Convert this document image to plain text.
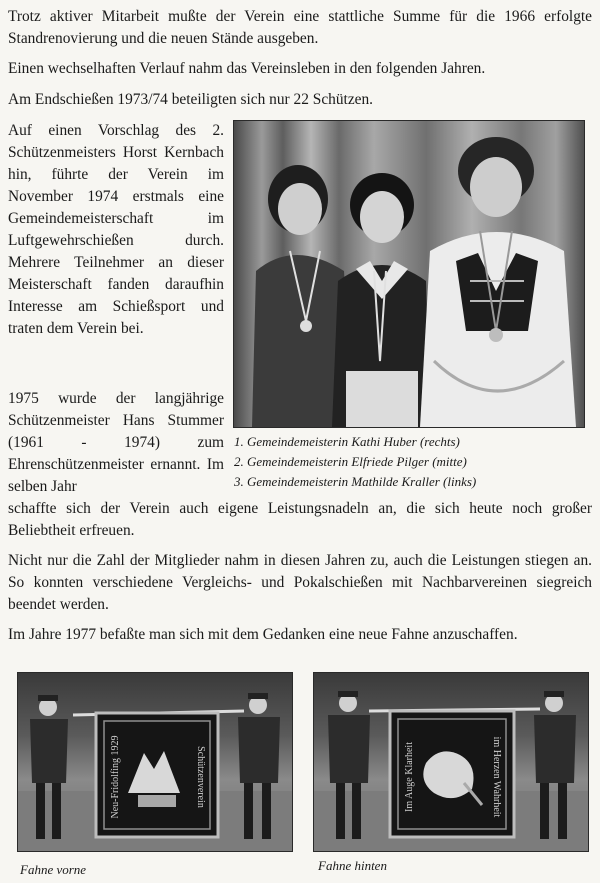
Trotz aktiver Mitarbeit mußte der Verein eine stattliche Summe für die 1966 erfolgte Standrenovierung und die neuen Stände ausgeben.

Einen wechselhaften Verlauf nahm das Vereinsleben in den folgenden Jahren.

Am Endschießen 1973/74 beteiligten sich nur 22 Schützen.

Auf einen Vorschlag des 2. Schützenmeisters Horst Kernbach hin, führte der Verein im November 1974 erstmals eine Gemeindemeisterschaft im Luftgewehrschießen durch. Mehrere Teilnehmer an dieser Meisterschaft fanden daraufhin Interesse am Schießsport und traten dem Verein bei.

1975 wurde der langjährige Schützenmeister Hans Stummer (1961 - 1974) zum Ehrenschützenmeister ernannt. Im selben Jahr

1. Gemeindemeisterin Kathi Huber (rechts)
2. Gemeindemeisterin Elfriede Pilger (mitte)
3. Gemeindemeisterin Mathilde Kraller (links)

schaffte sich der Verein auch eigene Leistungsnadeln an, die sich heute noch großer Beliebtheit erfreuen.

Nicht nur die Zahl der Mitglieder nahm in diesen Jahren zu, auch die Leistungen stiegen an. So konnten verschiedene Vergleichs- und Pokalschießen mit Nachbarvereinen siegreich beendet werden.

Im Jahre 1977 befaßte man sich mit dem Gedanken eine neue Fahne anzuschaffen.

Neu-Fridolfing 1929	Schützenverein	Im Auge Klarheit	im Herzen Wahrheit
Fahne vorne	Fahne hinten
